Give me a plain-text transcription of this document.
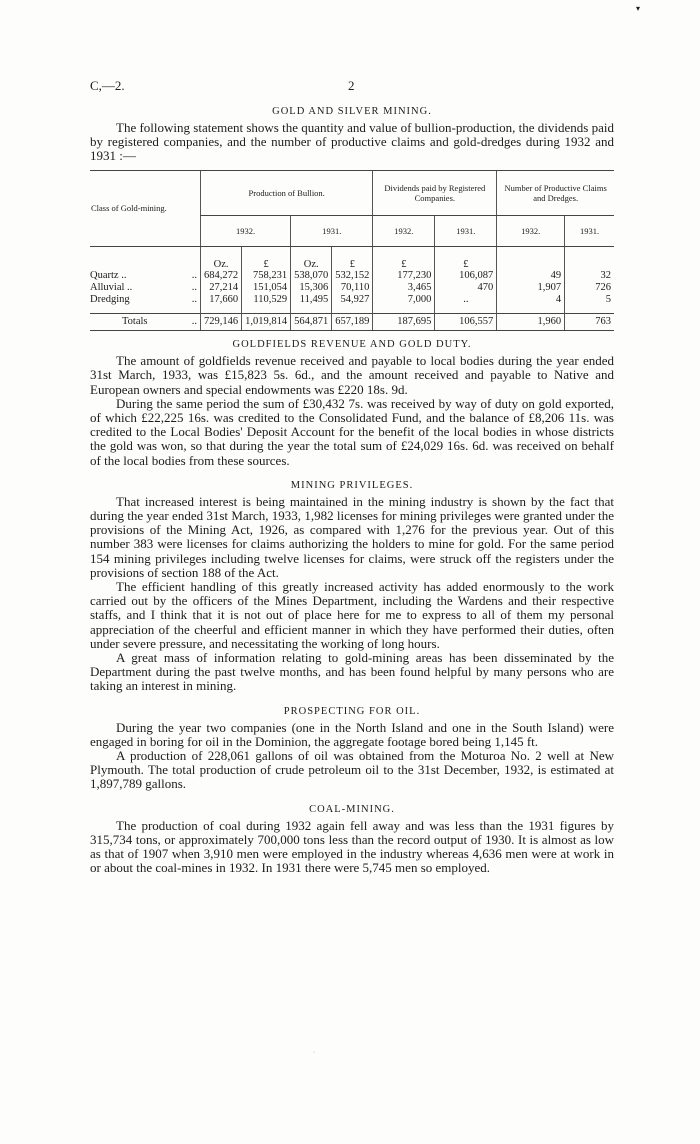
▾
C,—2.	2
GOLD AND SILVER MINING.

The following statement shows the quantity and value of bullion-production, the dividends paid by registered companies, and the number of productive claims and gold-dredges during 1932 and 1931 :—

Class of Gold-mining.	Production of Bullion.				Dividends paid by Registered Companies.		Number of Productive Claims and Dredges.	
	1932.		1931.		1932.	1931.	1932.	1931.
	Oz.	£	Oz.	£	£	£		
Quartz .. ..	684,272	758,231	538,070	532,152	177,230	106,087	49	32
Alluvial .. ..	27,214	151,054	15,306	70,110	3,465	470	1,907	726
Dredging ..	17,660	110,529	11,495	54,927	7,000	..	4	5

Totals ..	729,146	1,019,814	564,871	657,189	187,695	106,557	1,960	763
GOLDFIELDS REVENUE AND GOLD DUTY.

The amount of goldfields revenue received and payable to local bodies during the year ended 31st March, 1933, was £15,823 5s. 6d., and the amount received and payable to Native and European owners and special endowments was £220 18s. 9d.

During the same period the sum of £30,432 7s. was received by way of duty on gold exported, of which £22,225 16s. was credited to the Consolidated Fund, and the balance of £8,206 11s. was credited to the Local Bodies' Deposit Account for the benefit of the local bodies in whose districts the gold was won, so that during the year the total sum of £24,029 16s. 6d. was received on behalf of the local bodies from these sources.

MINING PRIVILEGES.

That increased interest is being maintained in the mining industry is shown by the fact that during the year ended 31st March, 1933, 1,982 licenses for mining privileges were granted under the provisions of the Mining Act, 1926, as compared with 1,276 for the previous year. Out of this number 383 were licenses for claims authorizing the holders to mine for gold. For the same period 154 mining privileges including twelve licenses for claims, were struck off the registers under the provisions of section 188 of the Act.

The efficient handling of this greatly increased activity has added enormously to the work carried out by the officers of the Mines Department, including the Wardens and their respective staffs, and I think that it is not out of place here for me to express to all of them my personal appreciation of the cheerful and efficient manner in which they have performed their duties, often under severe pressure, and necessitating the working of long hours.

A great mass of information relating to gold-mining areas has been disseminated by the Department during the past twelve months, and has been found helpful by many persons who are taking an interest in mining.

PROSPECTING FOR OIL.

During the year two companies (one in the North Island and one in the South Island) were engaged in boring for oil in the Dominion, the aggregate footage bored being 1,145 ft.

A production of 228,061 gallons of oil was obtained from the Moturoa No. 2 well at New Plymouth. The total production of crude petroleum oil to the 31st December, 1932, is estimated at 1,897,789 gallons.

COAL-MINING.

The production of coal during 1932 again fell away and was less than the 1931 figures by 315,734 tons, or approximately 700,000 tons less than the record output of 1930. It is almost as low as that of 1907 when 3,910 men were employed in the industry whereas 4,636 men were at work in or about the coal-mines in 1932. In 1931 there were 5,745 men so employed.

·
